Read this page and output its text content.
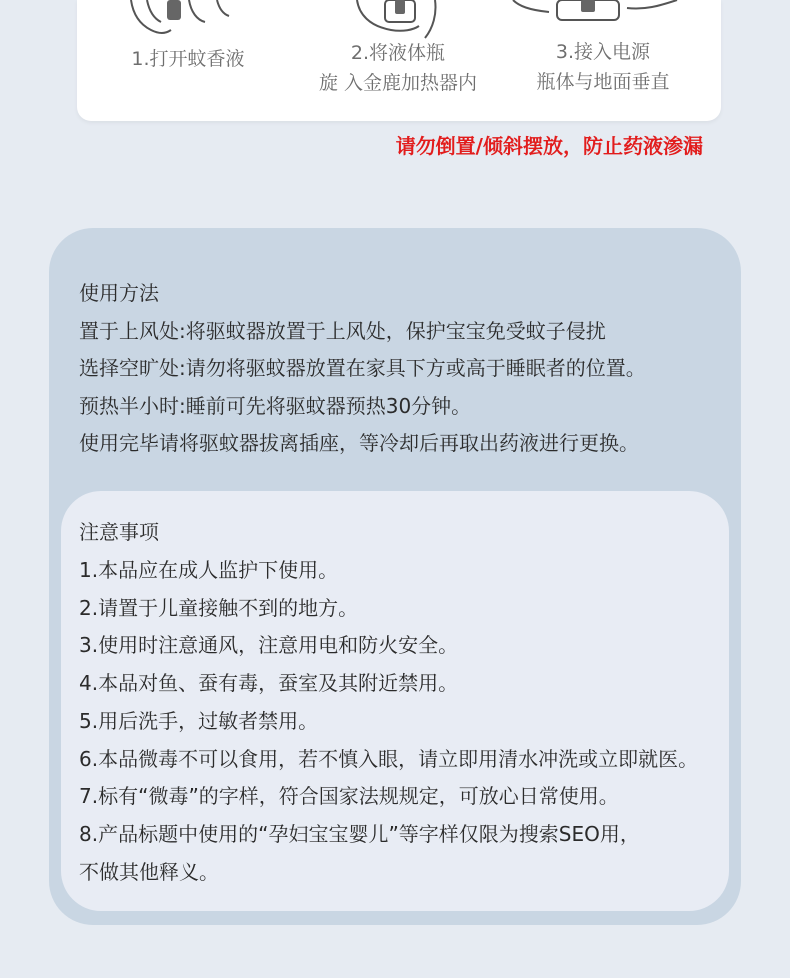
1.打开蚊香液	2.将液体瓶
旋 入金鹿加热器内
3.接入电源
瓶体与地面垂直
请勿倒置/倾斜摆放，防止药液渗漏
使用方法
置于上风处:将驱蚊器放置于上风处，保护宝宝免受蚊子侵扰
选择空旷处:请勿将驱蚊器放置在家具下方或高于睡眠者的位置。
预热半小时:睡前可先将驱蚊器预热30分钟。
使用完毕请将驱蚊器拔离插座，等冷却后再取出药液进行更换。
注意事项
1.本品应在成人监护下使用。
2.请置于儿童接触不到的地方。
3.使用时注意通风，注意用电和防火安全。
4.本品对鱼、蚕有毒，蚕室及其附近禁用。
5.用后洗手，过敏者禁用。
6.本品微毒不可以食用，若不慎入眼，请立即用清水冲洗或立即就医。
7.标有“微毒”的字样，符合国家法规规定，可放心日常使用。
8.产品标题中使用的“孕妇宝宝婴儿”等字样仅限为搜索SEO用，
不做其他释义。
